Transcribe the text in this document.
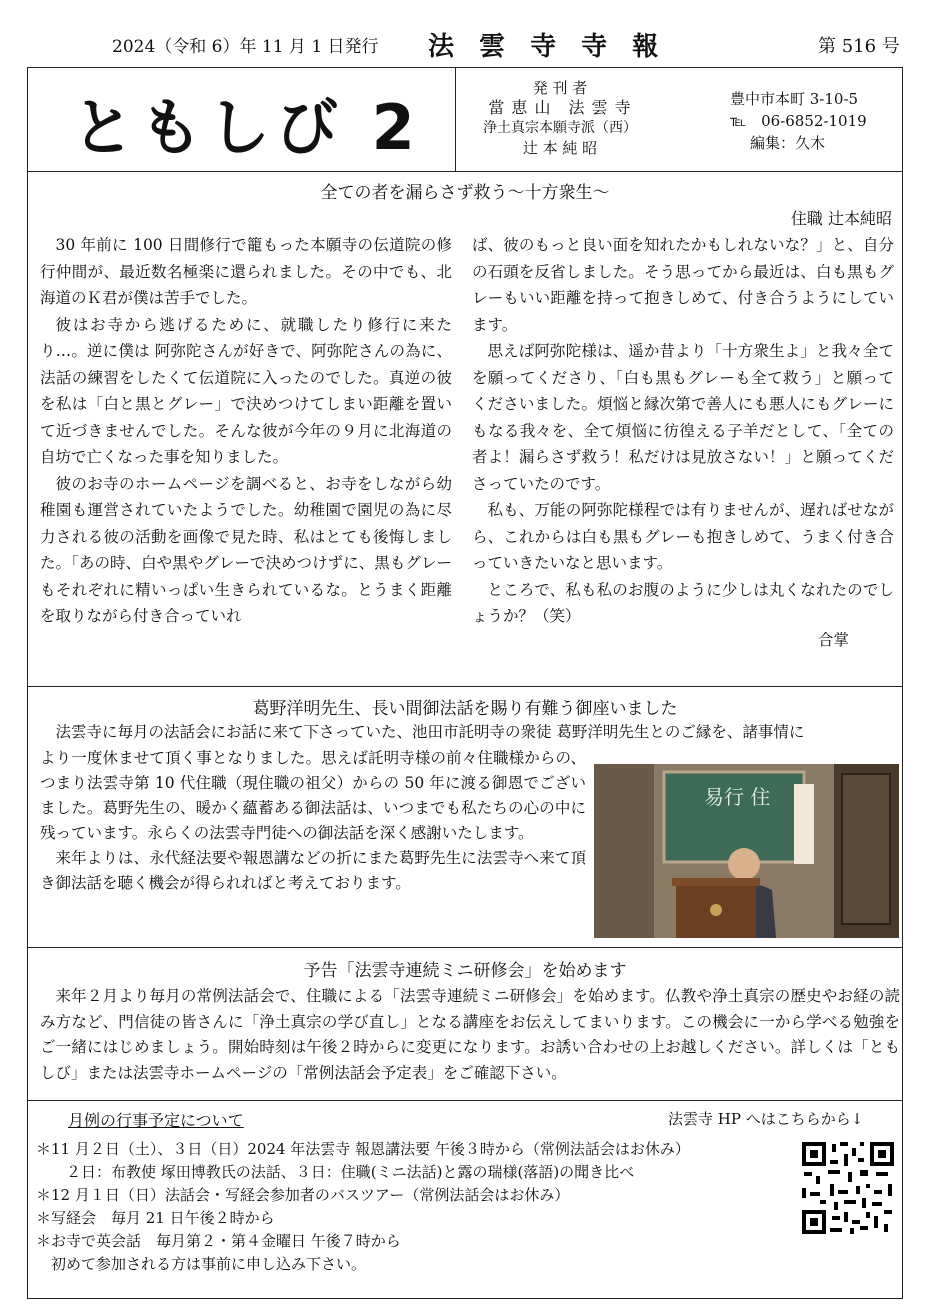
2024（令和 6）年 11 月 1 日発行 法 雲 寺 寺 報	第 516 号
ともしび 2
発 刊 者
當 恵 山　法 雲 寺
浄土真宗本願寺派（西）
辻 本 純 昭
豊中市本町 3-10-5
℡　06-6852-1019
編集：久木
全ての者を漏らさず救う～十方衆生～
住職 辻本純昭

30 年前に 100 日間修行で籠もった本願寺の伝道院の修行仲間が、最近数名極楽に還られました。その中でも、北海道のＫ君が僕は苦手でした。

彼はお寺から逃げるために、就職したり修行に来たり…。逆に僕は 阿弥陀さんが好きで、阿弥陀さんの為に、法話の練習をしたくて伝道院に入ったのでした。真逆の彼を私は「白と黒とグレー」で決めつけてしまい距離を置いて近づきませんでした。そんな彼が今年の９月に北海道の自坊で亡くなった事を知りました。

彼のお寺のホームページを調べると、お寺をしながら幼稚園も運営されていたようでした。幼稚園で園児の為に尽力される彼の活動を画像で見た時、私はとても後悔しました。「あの時、白や黒やグレーで決めつけずに、黒もグレーもそれぞれに精いっぱい生きられているな。とうまく距離を取りながら付き合っていれ

ば、彼のもっと良い面を知れたかもしれないな？」と、自分の石頭を反省しました。そう思ってから最近は、白も黒もグレーもいい距離を持って抱きしめて、付き合うようにしています。

思えば阿弥陀様は、遥か昔より「十方衆生よ」と我々全てを願ってくださり、「白も黒もグレーも全て救う」と願ってくださいました。煩悩と縁次第で善人にも悪人にもグレーにもなる我々を、全て煩悩に彷徨える子羊だとして、「全ての者よ！漏らさず救う！私だけは見放さない！」と願ってくださっていたのです。

私も、万能の阿弥陀様程では有りませんが、遅ればせながら、これからは白も黒もグレーも抱きしめて、うまく付き合っていきたいなと思います。

ところで、私も私のお腹のように少しは丸くなれたのでしょうか？（笑）

合掌
葛野洋明先生、長い間御法話を賜り有難う御座いました
法雲寺に毎月の法話会にお話に来て下さっていた、池田市託明寺の衆徒 葛野洋明先生とのご縁を、諸事情に
より一度休ませて頂く事となりました。思えば託明寺様の前々住職様からの、つまり法雲寺第 10 代住職（現住職の祖父）からの 50 年に渡る御恩でございました。葛野先生の、暖かく蘊蓄ある御法話は、いつまでも私たちの心の中に残っています。永らくの法雲寺門徒への御法話を深く感謝いたします。
来年よりは、永代経法要や報恩講などの折にまた葛野先生に法雲寺へ来て頂き御法話を聴く機会が得られればと考えております。
易行 住
予告「法雲寺連続ミニ研修会」を始めます
来年２月より毎月の常例法話会で、住職による「法雲寺連続ミニ研修会」を始めます。仏教や浄土真宗の歴史やお経の読み方など、門信徒の皆さんに「浄土真宗の学び直し」となる講座をお伝えしてまいります。この機会に一から学べる勉強をご一緒にはじめましょう。開始時刻は午後２時からに変更になります。お誘い合わせの上お越しください。詳しくは「ともしび」または法雲寺ホームページの「常例法話会予定表」をご確認下さい。
月例の行事予定について	法雲寺 HP へはこちらから↓
＊11 月２日（土）、３日（日）2024 年法雲寺 報恩講法要 午後３時から（常例法話会はお休み）
　　２日：布教使 塚田博教氏の法話、３日：住職(ミニ法話)と露の瑞様(落語)の聞き比べ
＊12 月１日（日）法話会・写経会参加者のバスツアー（常例法話会はお休み）
＊写経会　毎月 21 日午後２時から
＊お寺で英会話　毎月第２・第４金曜日 午後７時から
　初めて参加される方は事前に申し込み下さい。
